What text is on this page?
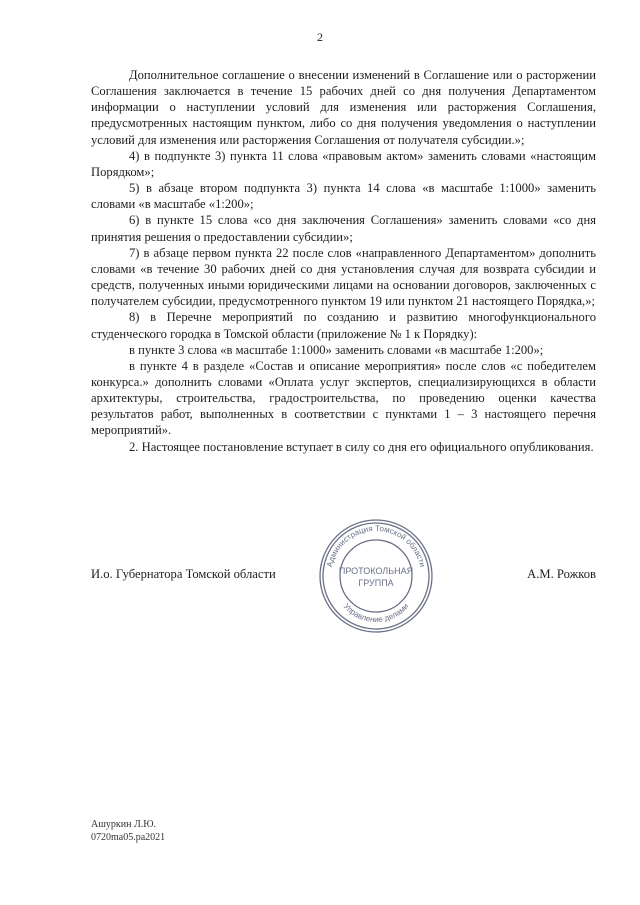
2

Дополнительное соглашение о внесении изменений в Соглашение или о расторжении Соглашения заключается в течение 15 рабочих дней со дня получения Департаментом информации о наступлении условий для изменения или расторжения Соглашения, предусмотренных настоящим пунктом, либо со дня получения уведомления о наступлении условий для изменения или расторжения Соглашения от получателя субсидии.»;

4) в подпункте 3) пункта 11 слова «правовым актом» заменить словами «настоящим Порядком»;

5) в абзаце втором подпункта 3) пункта 14 слова «в масштабе 1:1000» заменить словами «в масштабе «1:200»;

6) в пункте 15 слова «со дня заключения Соглашения» заменить словами «со дня принятия решения о предоставлении субсидии»;

7) в абзаце первом пункта 22 после слов «направленного Департаментом» дополнить словами «в течение 30 рабочих дней со дня установления случая для возврата субсидии и средств, полученных иными юридическими лицами на основании договоров, заключенных с получателем субсидии, предусмотренного пунктом 19 или пунктом 21 настоящего Порядка,»;

8) в Перечне мероприятий по созданию и развитию многофункционального студенческого городка в Томской области (приложение № 1 к Порядку):

в пункте 3 слова «в масштабе 1:1000» заменить словами «в масштабе 1:200»;

в пункте 4 в разделе «Состав и описание мероприятия» после слов «с победителем конкурса.» дополнить словами «Оплата услуг экспертов, специализирующихся в области архитектуры, строительства, градостроительства, по проведению оценки качества результатов работ, выполненных в соответствии с пунктами 1 – 3 настоящего перечня мероприятий».

2. Настоящее постановление вступает в силу со дня его официального опубликования.

И.о. Губернатора Томской области	А.М. Рожков
Администрация Томской области
Управление делами
ПРОТОКОЛЬНАЯ
ГРУППА
Ашуркин Л.Ю.
0720ma05.pa2021
